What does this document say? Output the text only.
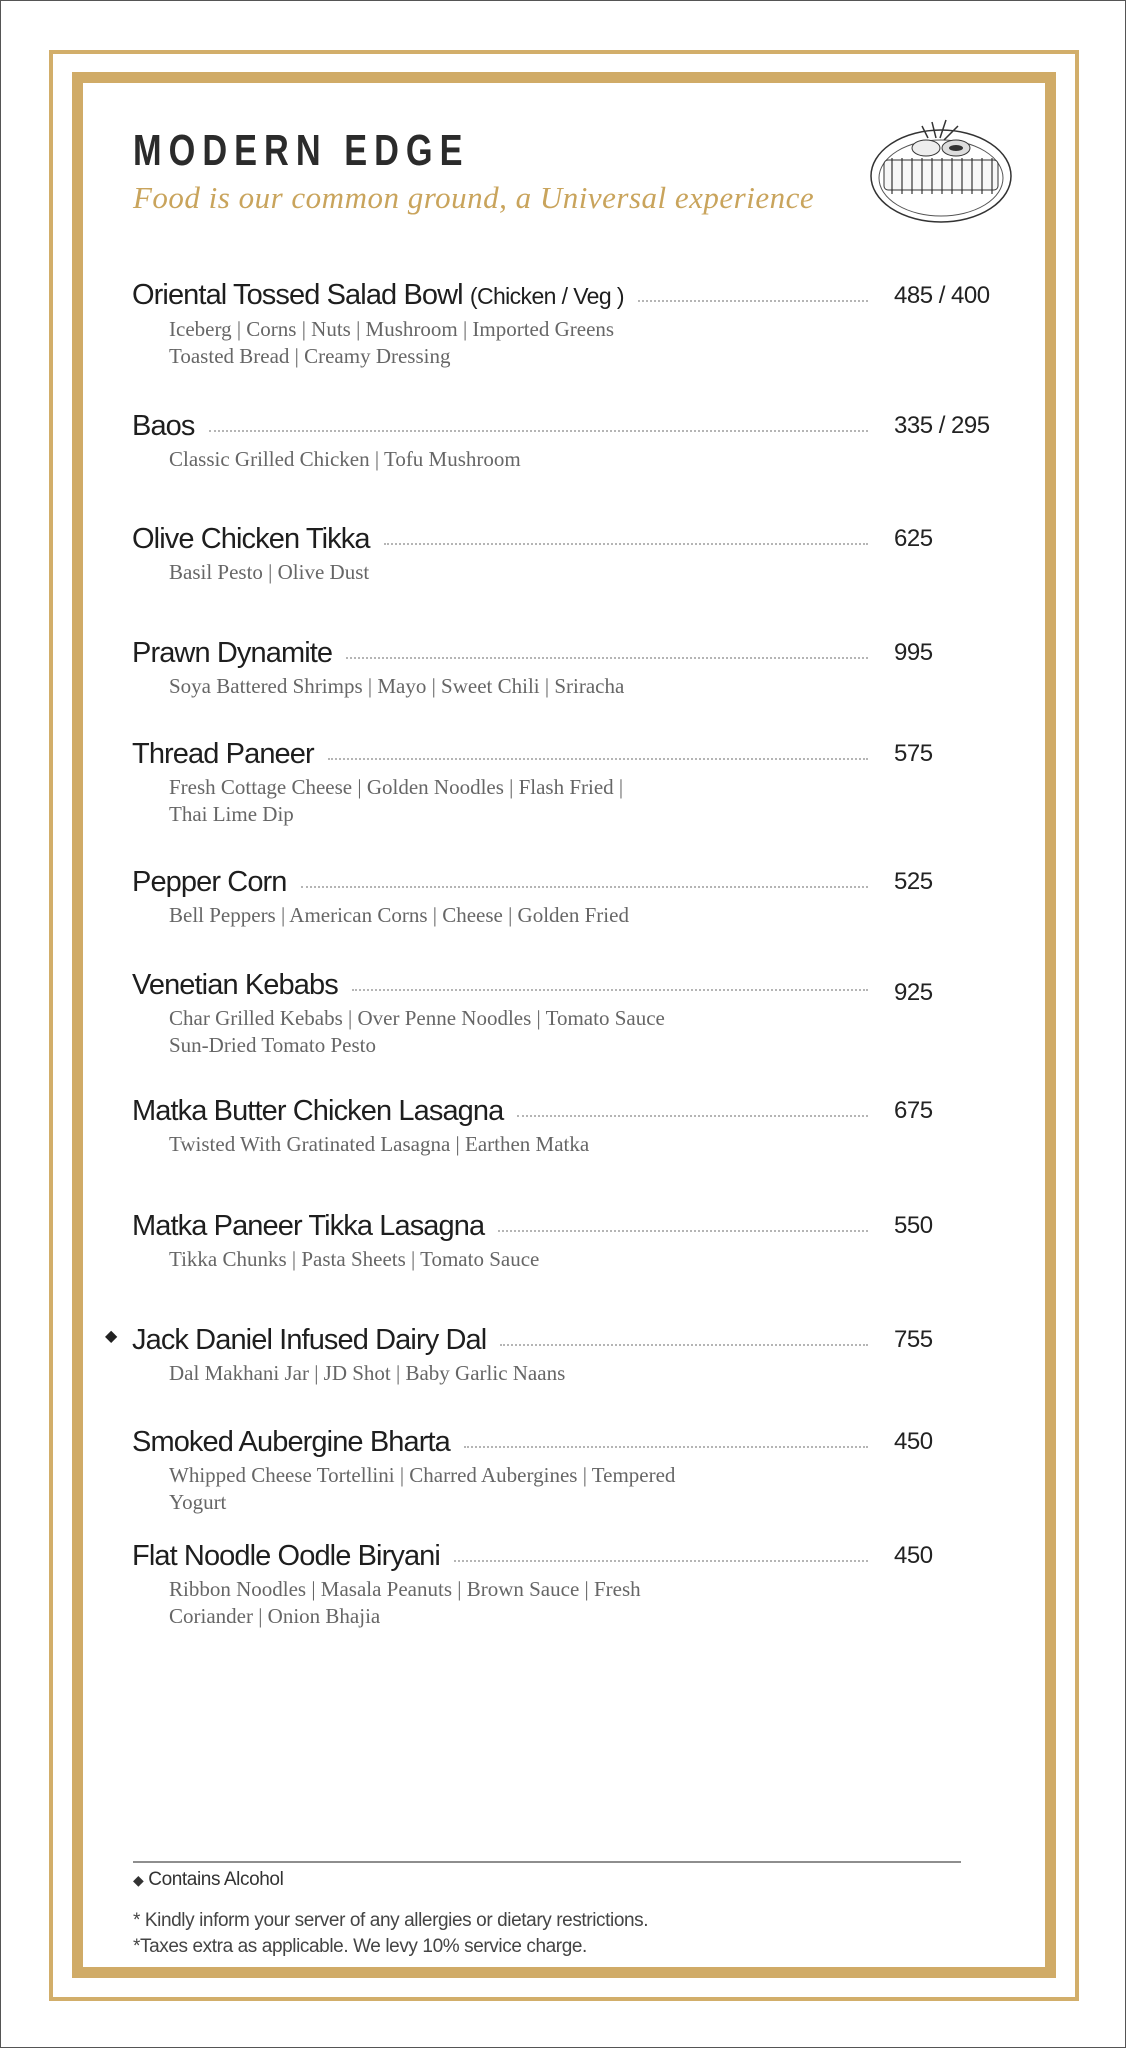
MODERN EDGE
Food is our common ground, a Universal experience
Oriental Tossed Salad Bowl (Chicken / Veg )	485 / 400
Iceberg | Corns | Nuts | Mushroom | Imported Greens
Toasted Bread | Creamy Dressing
Baos	335 / 295
Classic Grilled Chicken | Tofu Mushroom
Olive Chicken Tikka	625
Basil Pesto | Olive Dust
Prawn Dynamite	995
Soya Battered Shrimps | Mayo | Sweet Chili | Sriracha
Thread Paneer	575
Fresh Cottage Cheese | Golden Noodles | Flash Fried |
Thai Lime Dip
Pepper Corn	525
Bell Peppers | American Corns | Cheese | Golden Fried
Venetian Kebabs	925
Char Grilled Kebabs | Over Penne Noodles | Tomato Sauce
Sun-Dried Tomato Pesto
Matka Butter Chicken Lasagna	675
Twisted With Gratinated Lasagna | Earthen Matka
Matka Paneer Tikka Lasagna	550
Tikka Chunks | Pasta Sheets | Tomato Sauce
◆ Jack Daniel Infused Dairy Dal	755
Dal Makhani Jar | JD Shot | Baby Garlic Naans
Smoked Aubergine Bharta	450
Whipped Cheese Tortellini | Charred Aubergines | Tempered
Yogurt
Flat Noodle Oodle Biryani	450
Ribbon Noodles | Masala Peanuts | Brown Sauce | Fresh
Coriander | Onion Bhajia
◆ Contains Alcohol
* Kindly inform your server of any allergies or dietary restrictions.
*Taxes extra as applicable. We levy 10% service charge.
